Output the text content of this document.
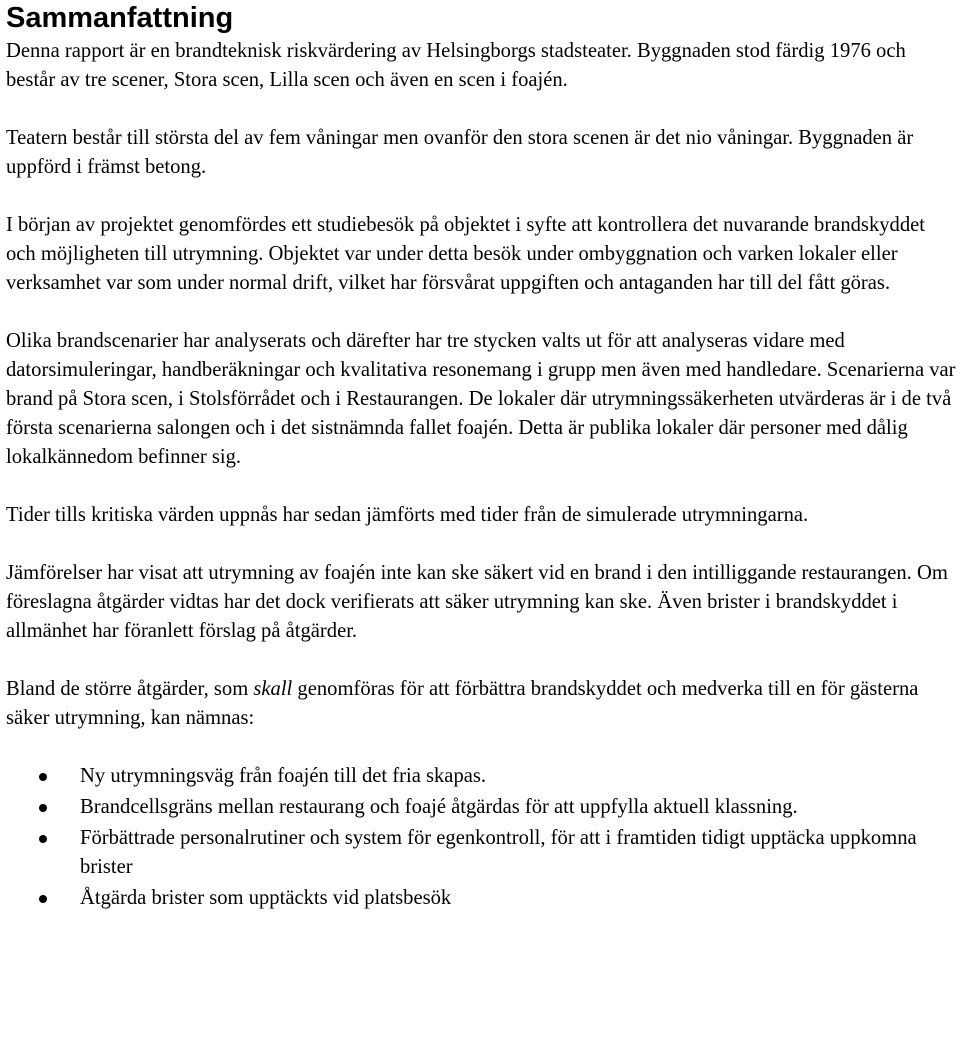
Sammanfattning

Denna rapport är en brandteknisk riskvärdering av Helsingborgs stadsteater. Byggnaden stod färdig 1976 och består av tre scener, Stora scen, Lilla scen och även en scen i foajén.

Teatern består till största del av fem våningar men ovanför den stora scenen är det nio våningar. Byggnaden är uppförd i främst betong.

I början av projektet genomfördes ett studiebesök på objektet i syfte att kontrollera det nuvarande brandskyddet och möjligheten till utrymning. Objektet var under detta besök under ombyggnation och varken lokaler eller verksamhet var som under normal drift, vilket har försvårat uppgiften och antaganden har till del fått göras.

Olika brandscenarier har analyserats och därefter har tre stycken valts ut för att analyseras vidare med datorsimuleringar, handberäkningar och kvalitativa resonemang i grupp men även med handledare. Scenarierna var brand på Stora scen, i Stolsförrådet och i Restaurangen. De lokaler där utrymningssäkerheten utvärderas är i de två första scenarierna salongen och i det sistnämnda fallet foajén. Detta är publika lokaler där personer med dålig lokalkännedom befinner sig.

Tider tills kritiska värden uppnås har sedan jämförts med tider från de simulerade utrymningarna.

Jämförelser har visat att utrymning av foajén inte kan ske säkert vid en brand i den intilliggande restaurangen. Om föreslagna åtgärder vidtas har det dock verifierats att säker utrymning kan ske. Även brister i brandskyddet i allmänhet har föranlett förslag på åtgärder.

Bland de större åtgärder, som skall genomföras för att förbättra brandskyddet och medverka till en för gästerna säker utrymning, kan nämnas:

Ny utrymningsväg från foajén till det fria skapas.
Brandcellsgräns mellan restaurang och foajé åtgärdas för att uppfylla aktuell klassning.
Förbättrade personalrutiner och system för egenkontroll, för att i framtiden tidigt upptäcka uppkomna brister
Åtgärda brister som upptäckts vid platsbesök
